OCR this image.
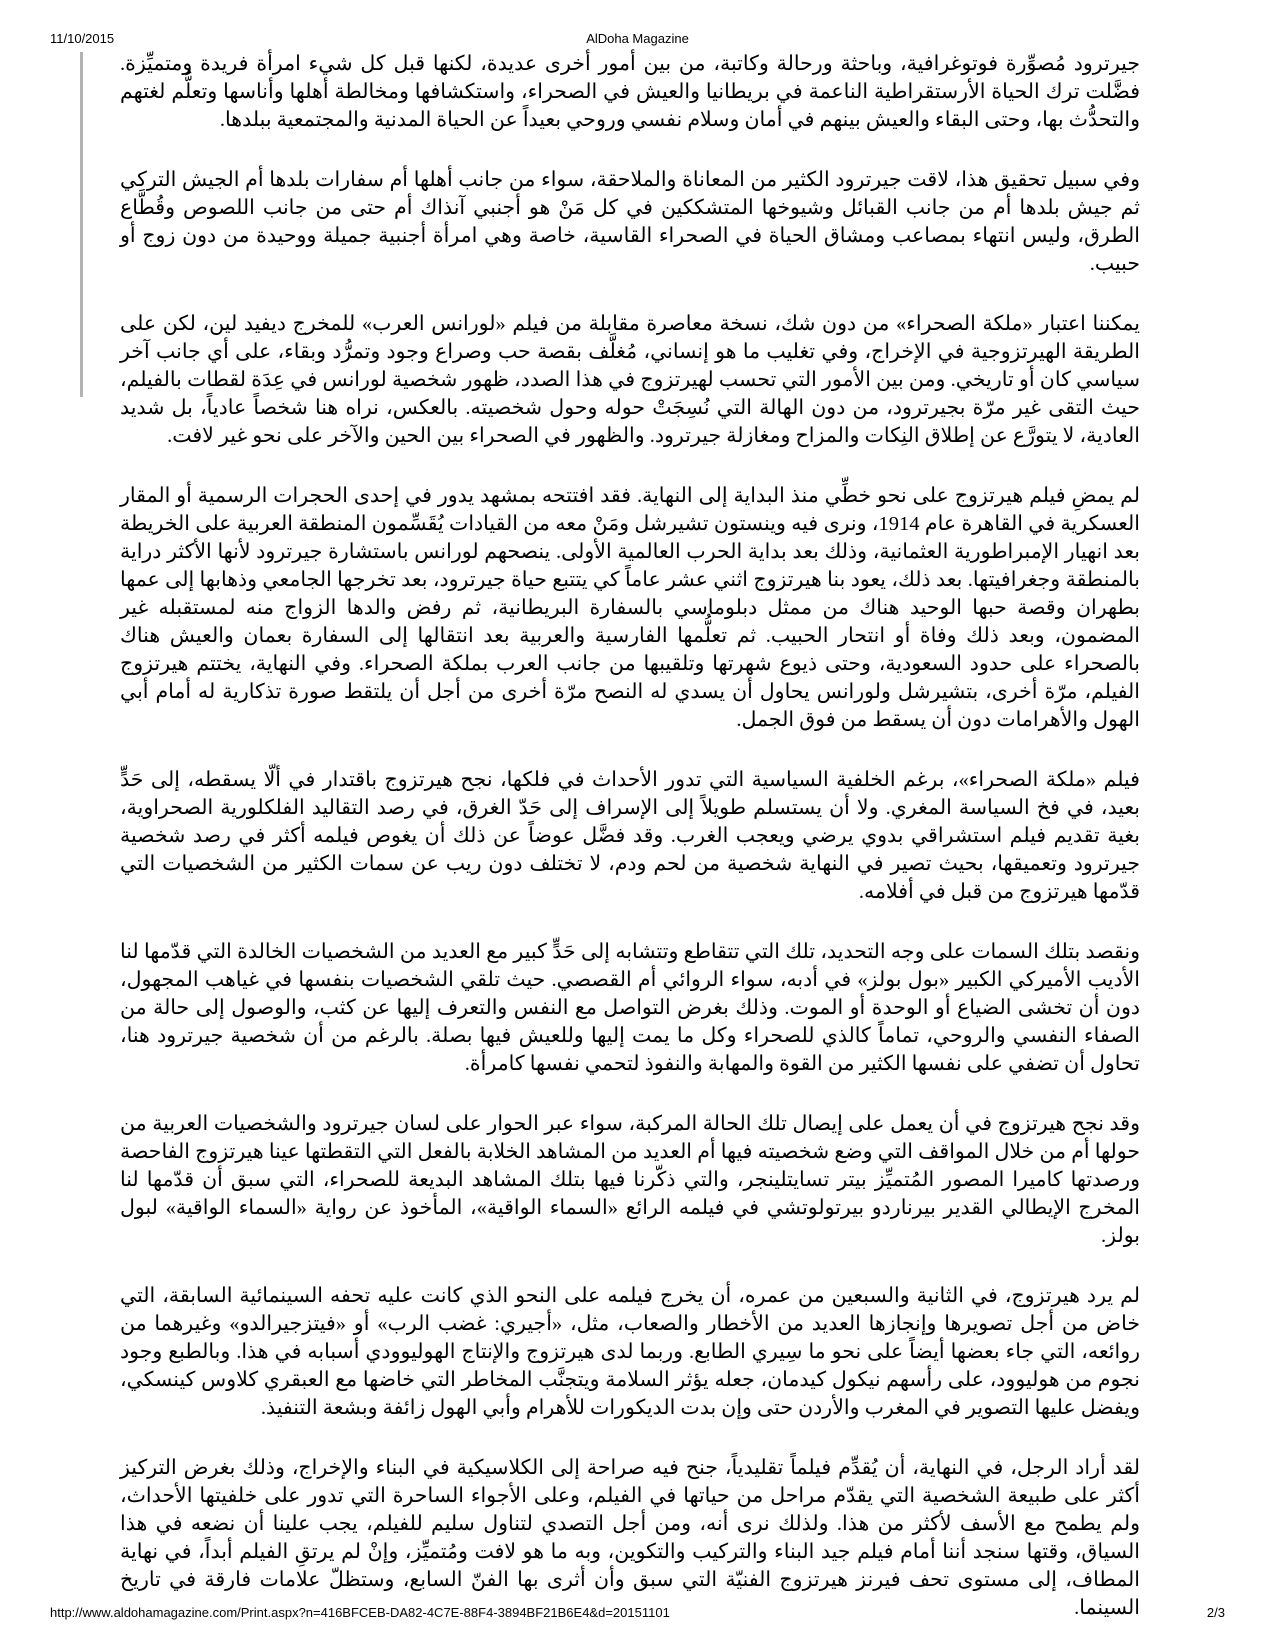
11/10/2015	AlDoha Magazine

جيرترود مُصوِّرة فوتوغرافية، وباحثة ورحالة وكاتبة، من بين أمور أخرى عديدة، لكنها قبل كل شيء امرأة فريدة ومتميِّزة. فضَّلت ترك الحياة الأرستقراطية الناعمة في بريطانيا والعيش في الصحراء، واستكشافها ومخالطة أهلها وأناسها وتعلُّم لغتهم والتحدُّث بها، وحتى البقاء والعيش بينهم في أمان وسلام نفسي وروحي بعيداً عن الحياة المدنية والمجتمعية ببلدها.

وفي سبيل تحقيق هذا، لاقت جيرترود الكثير من المعاناة والملاحقة، سواء من جانب أهلها أم سفارات بلدها أم الجيش التركي ثم جيش بلدها أم من جانب القبائل وشيوخها المتشككين في كل مَنْ هو أجنبي آنذاك أم حتى من جانب اللصوص وقُطَّاع الطرق، وليس انتهاء بمصاعب ومشاق الحياة في الصحراء القاسية، خاصة وهي امرأة أجنبية جميلة ووحيدة من دون زوج أو حبيب.

يمكننا اعتبار «ملكة الصحراء» من دون شك، نسخة معاصرة مقابلة من فيلم «لورانس العرب» للمخرج ديفيد لين، لكن على الطريقة الهيرتزوجية في الإخراج، وفي تغليب ما هو إنساني، مُغلَّف بقصة حب وصراع وجود وتمرُّد وبقاء، على أي جانب آخر سياسي كان أو تاريخي. ومن بين الأمور التي تحسب لهيرتزوج في هذا الصدد، ظهور شخصية لورانس في عِدَة لقطات بالفيلم، حيث التقى غير مرّة بجيرترود، من دون الهالة التي نُسِجَتْ حوله وحول شخصيته. بالعكس، نراه هنا شخصاً عادياً، بل شديد العادية، لا يتورَّع عن إطلاق النِكات والمزاح ومغازلة جيرترود. والظهور في الصحراء بين الحين والآخر على نحو غير لافت.

لم يمضِ فيلم هيرتزوج على نحو خطِّي منذ البداية إلى النهاية. فقد افتتحه بمشهد يدور في إحدى الحجرات الرسمية أو المقار العسكرية في القاهرة عام 1914، ونرى فيه وينستون تشيرشل ومَنْ معه من القيادات يُقَسِّمون المنطقة العربية على الخريطة بعد انهيار الإمبراطورية العثمانية، وذلك بعد بداية الحرب العالمية الأولى. ينصحهم لورانس باستشارة جيرترود لأنها الأكثر دراية بالمنطقة وجغرافيتها. بعد ذلك، يعود بنا هيرتزوج اثني عشر عاماً كي يتتبع حياة جيرترود، بعد تخرجها الجامعي وذهابها إلى عمها بطهران وقصة حبها الوحيد هناك من ممثل دبلوماسي بالسفارة البريطانية، ثم رفض والدها الزواج منه لمستقبله غير المضمون، وبعد ذلك وفاة أو انتحار الحبيب. ثم تعلُّمها الفارسية والعربية بعد انتقالها إلى السفارة بعمان والعيش هناك بالصحراء على حدود السعودية، وحتى ذيوع شهرتها وتلقيبها من جانب العرب بملكة الصحراء. وفي النهاية، يختتم هيرتزوج الفيلم، مرّة أخرى، بتشيرشل ولورانس يحاول أن يسدي له النصح مرّة أخرى من أجل أن يلتقط صورة تذكارية له أمام أبي الهول والأهرامات دون أن يسقط من فوق الجمل.

فيلم «ملكة الصحراء»، برغم الخلفية السياسية التي تدور الأحداث في فلكها، نجح هيرتزوج باقتدار في ألّا يسقطه، إلى حَدٍّ بعيد، في فخ السياسة المغري. ولا أن يستسلم طويلاً إلى الإسراف إلى حَدّ الغرق، في رصد التقاليد الفلكلورية الصحراوية، بغية تقديم فيلم استشراقي بدوي يرضي ويعجب الغرب. وقد فضَّل عوضاً عن ذلك أن يغوص فيلمه أكثر في رصد شخصية جيرترود وتعميقها، بحيث تصير في النهاية شخصية من لحم ودم، لا تختلف دون ريب عن سمات الكثير من الشخصيات التي قدّمها هيرتزوج من قبل في أفلامه.

ونقصد بتلك السمات على وجه التحديد، تلك التي تتقاطع وتتشابه إلى حَدٍّ كبير مع العديد من الشخصيات الخالدة التي قدّمها لنا الأديب الأميركي الكبير «بول بولز» في أدبه، سواء الروائي أم القصصي. حيث تلقي الشخصيات بنفسها في غياهب المجهول، دون أن تخشى الضياع أو الوحدة أو الموت. وذلك بغرض التواصل مع النفس والتعرف إليها عن كثب، والوصول إلى حالة من الصفاء النفسي والروحي، تماماً كالذي للصحراء وكل ما يمت إليها وللعيش فيها بصلة. بالرغم من أن شخصية جيرترود هنا، تحاول أن تضفي على نفسها الكثير من القوة والمهابة والنفوذ لتحمي نفسها كامرأة.

وقد نجح هيرتزوج في أن يعمل على إيصال تلك الحالة المركبة، سواء عبر الحوار على لسان جيرترود والشخصيات العربية من حولها أم من خلال المواقف التي وضع شخصيته فيها أم العديد من المشاهد الخلابة بالفعل التي التقطتها عينا هيرتزوج الفاحصة ورصدتها كاميرا المصور المُتميِّز بيتر تسايتلينجر، والتي ذكّرنا فيها بتلك المشاهد البديعة للصحراء، التي سبق أن قدّمها لنا المخرج الإيطالي القدير بيرناردو بيرتولوتشي في فيلمه الرائع «السماء الواقية»، المأخوذ عن رواية «السماء الواقية» لبول بولز.

لم يرد هيرتزوج، في الثانية والسبعين من عمره، أن يخرج فيلمه على النحو الذي كانت عليه تحفه السينمائية السابقة، التي خاض من أجل تصويرها وإنجازها العديد من الأخطار والصعاب، مثل، «أجيري: غضب الرب» أو «فيتزجيرالدو» وغيرهما من روائعه، التي جاء بعضها أيضاً على نحو ما سِيري الطابع. وربما لدى هيرتزوج والإنتاج الهوليوودي أسبابه في هذا. وبالطبع وجود نجوم من هوليوود، على رأسهم نيكول كيدمان، جعله يؤثر السلامة ويتجنَّب المخاطر التي خاضها مع العبقري كلاوس كينسكي، ويفضل عليها التصوير في المغرب والأردن حتى وإن بدت الديكورات للأهرام وأبي الهول زائفة وبشعة التنفيذ.

لقد أراد الرجل، في النهاية، أن يُقدِّم فيلماً تقليدياً، جنح فيه صراحة إلى الكلاسيكية في البناء والإخراج، وذلك بغرض التركيز أكثر على طبيعة الشخصية التي يقدّم مراحل من حياتها في الفيلم، وعلى الأجواء الساحرة التي تدور على خلفيتها الأحداث، ولم يطمح مع الأسف لأكثر من هذا. ولذلك نرى أنه، ومن أجل التصدي لتناول سليم للفيلم، يجب علينا أن نضعه في هذا السياق، وقتها سنجد أننا أمام فيلم جيد البناء والتركيب والتكوين، وبه ما هو لافت ومُتميِّز، وإنْ لم يرتقِ الفيلم أبداً، في نهاية المطاف، إلى مستوى تحف فيرنز هيرتزوج الفنيّة التي سبق وأن أثرى بها الفنّ السابع، وستظلّ علامات فارقة في تاريخ السينما.

http://www.aldohamagazine.com/Print.aspx?n=416BFCEB-DA82-4C7E-88F4-3894BF21B6E4&d=20151101	2/3
